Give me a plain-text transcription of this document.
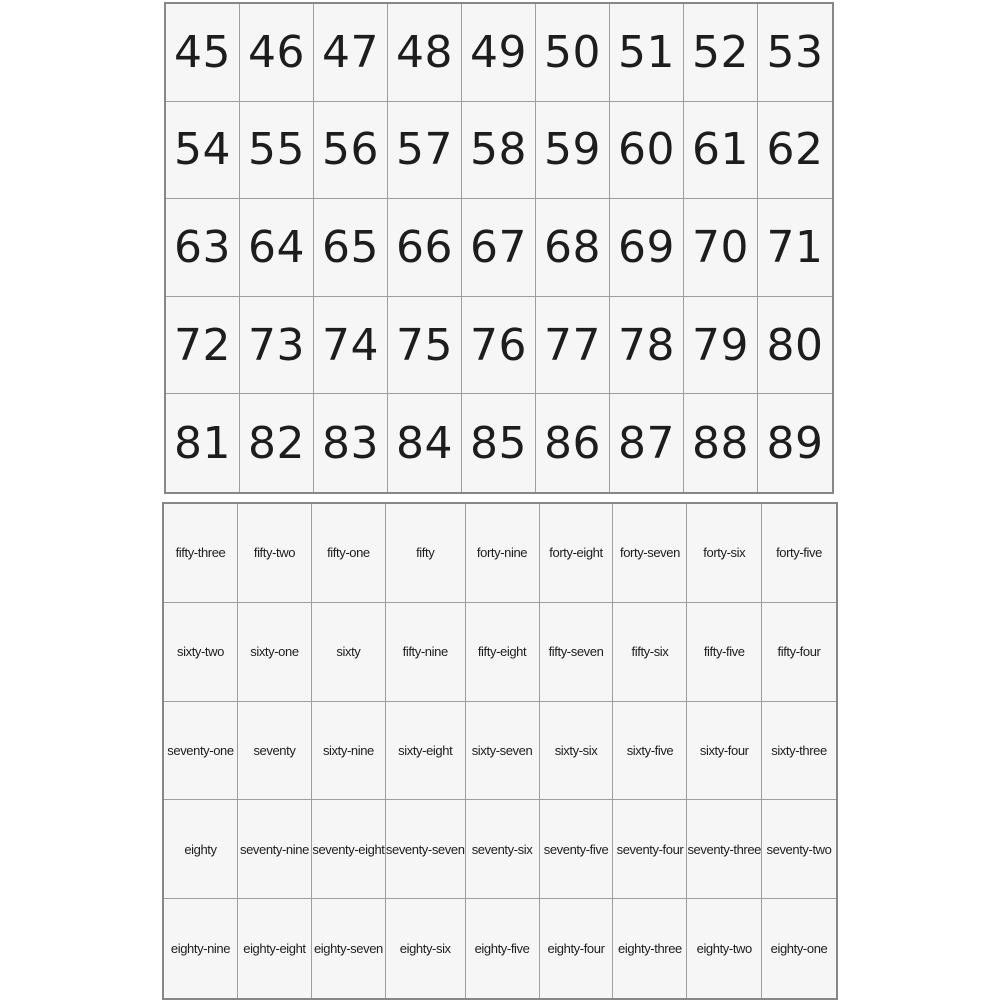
45 46 47 48 49 50 51 52 53
54 55 56 57 58 59 60 61 62
63 64 65 66 67 68 69 70 71
72 73 74 75 76 77 78 79 80
81 82 83 84 85 86 87 88 89
fifty-three	fifty-two	fifty-one	fifty	forty-nine	forty-eight	forty-seven	forty-six	forty-five
sixty-two	sixty-one	sixty	fifty-nine	fifty-eight	fifty-seven	fifty-six	fifty-five	fifty-four
seventy-one	seventy	sixty-nine	sixty-eight	sixty-seven	sixty-six	sixty-five	sixty-four	sixty-three
eighty	seventy-nine seventy-eight seventy-seven seventy-six seventy-five seventy-four seventy-three seventy-two
eighty-nine	eighty-eight eighty-seven	eighty-six	eighty-five	eighty-four	eighty-three	eighty-two	eighty-one
